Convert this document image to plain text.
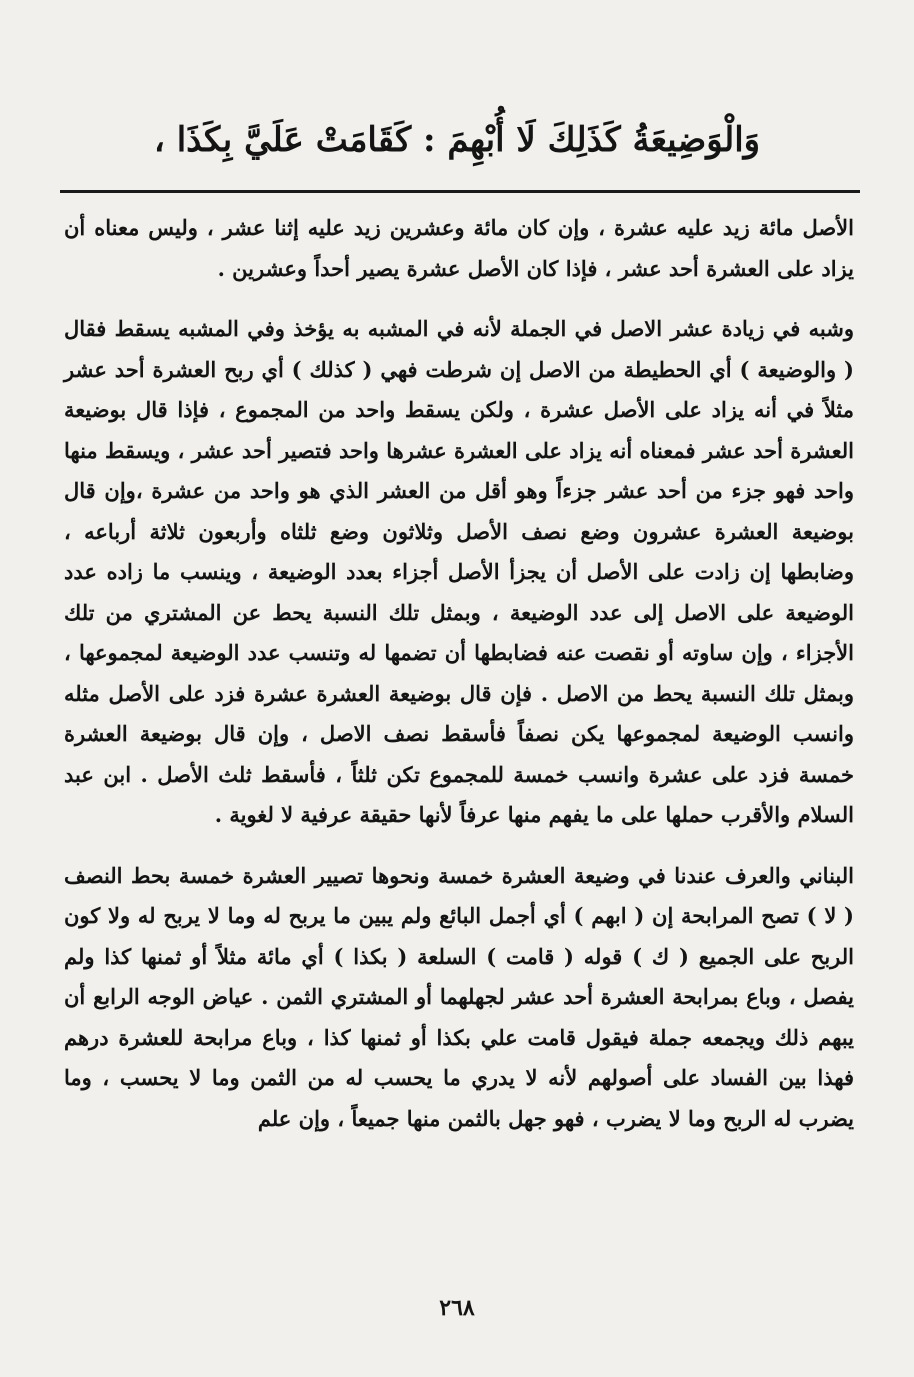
وَالْوَضِيعَةُ كَذَلِكَ لَا أُبْهِمَ : كَقَامَتْ عَلَيَّ بِكَذَا ،

الأصل مائة زيد عليه عشرة ، وإن كان مائة وعشرين زيد عليه إثنا عشر ، وليس معناه أن يزاد على العشرة أحد عشر ، فإذا كان الأصل عشرة يصير أحداً وعشرين .

وشبه في زيادة عشر الاصل في الجملة لأنه في المشبه به يؤخذ وفي المشبه يسقط فقال ( والوضيعة ) أي الحطيطة من الاصل إن شرطت فهي ( كذلك ) أي ربح العشرة أحد عشر مثلاً في أنه يزاد على الأصل عشرة ، ولكن يسقط واحد من المجموع ، فإذا قال بوضيعة العشرة أحد عشر فمعناه أنه يزاد على العشرة عشرها واحد فتصير أحد عشر ، ويسقط منها واحد فهو جزء من أحد عشر جزءاً وهو أقل من العشر الذي هو واحد من عشرة ،وإن قال بوضيعة العشرة عشرون وضع نصف الأصل وثلاثون وضع ثلثاه وأربعون ثلاثة أرباعه ، وضابطها إن زادت على الأصل أن يجزأ الأصل أجزاء بعدد الوضيعة ، وينسب ما زاده عدد الوضيعة على الاصل إلى عدد الوضيعة ، وبمثل تلك النسبة يحط عن المشتري من تلك الأجزاء ، وإن ساوته أو نقصت عنه فضابطها أن تضمها له وتنسب عدد الوضيعة لمجموعها ، وبمثل تلك النسبة يحط من الاصل . فإن قال بوضيعة العشرة عشرة فزد على الأصل مثله وانسب الوضيعة لمجموعها يكن نصفاً فأسقط نصف الاصل ، وإن قال بوضيعة العشرة خمسة فزد على عشرة وانسب خمسة للمجموع تكن ثلثاً ، فأسقط ثلث الأصل . ابن عبد السلام والأقرب حملها على ما يفهم منها عرفاً لأنها حقيقة عرفية لا لغوية .

البناني والعرف عندنا في وضيعة العشرة خمسة ونحوها تصيير العشرة خمسة بحط النصف ( لا ) تصح المرابحة إن ( ابهم ) أي أجمل البائع ولم يبين ما يربح له وما لا يربح له ولا كون الربح على الجميع ( ك ) قوله ( قامت ) السلعة ( بكذا ) أي مائة مثلاً أو ثمنها كذا ولم يفصل ، وباع بمرابحة العشرة أحد عشر لجهلهما أو المشتري الثمن . عياض الوجه الرابع أن يبهم ذلك ويجمعه جملة فيقول قامت علي بكذا أو ثمنها كذا ، وباع مرابحة للعشرة درهم فهذا بين الفساد على أصولهم لأنه لا يدري ما يحسب له من الثمن وما لا يحسب ، وما يضرب له الربح وما لا يضرب ، فهو جهل بالثمن منها جميعاً ، وإن علم

٢٦٨
